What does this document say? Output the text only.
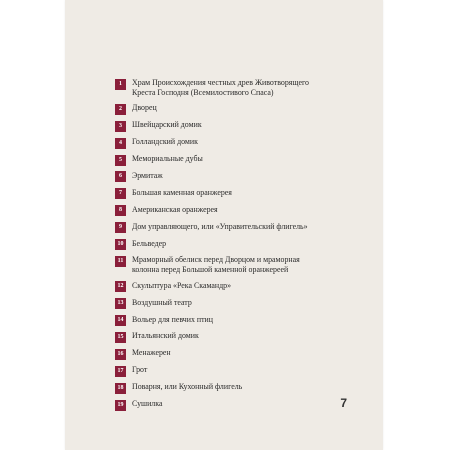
1	Храм Происхождения честных древ Животворящего
Креста Господня (Всемилостивого Спаса)
2	Дворец
3	Швейцарский домик
4	Голландский домик
5	Мемориальные дубы
6	Эрмитаж
7	Большая каменная оранжерея
8	Американская оранжерея
9	Дом управляющего, или «Управительский флигель»
10	Бельведер
11	Мраморный обелиск перед Дворцом и мраморная
колонна перед Большой каменной оранжереей
12	Скульптура «Река Скамандр»
13	Воздушный театр
14	Вольер для певчих птиц
15	Итальянский домик
16	Менажерен
17	Грот
18	Поварня, или Кухонный флигель
19	Сушилка	7
